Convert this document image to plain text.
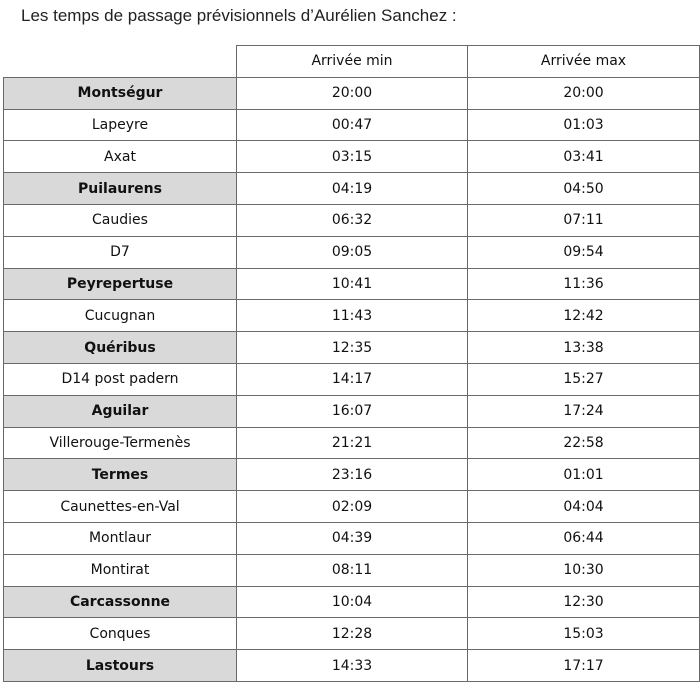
Les temps de passage prévisionnels d’Aurélien Sanchez :
	Arrivée min	Arrivée max
Montségur	20:00	20:00
Lapeyre	00:47	01:03
Axat	03:15	03:41
Puilaurens	04:19	04:50
Caudies	06:32	07:11
D7	09:05	09:54
Peyrepertuse	10:41	11:36
Cucugnan	11:43	12:42
Quéribus	12:35	13:38
D14 post padern	14:17	15:27
Aguilar	16:07	17:24
Villerouge-Termenès	21:21	22:58
Termes	23:16	01:01
Caunettes-en-Val	02:09	04:04
Montlaur	04:39	06:44
Montirat	08:11	10:30
Carcassonne	10:04	12:30
Conques	12:28	15:03
Lastours	14:33	17:17
